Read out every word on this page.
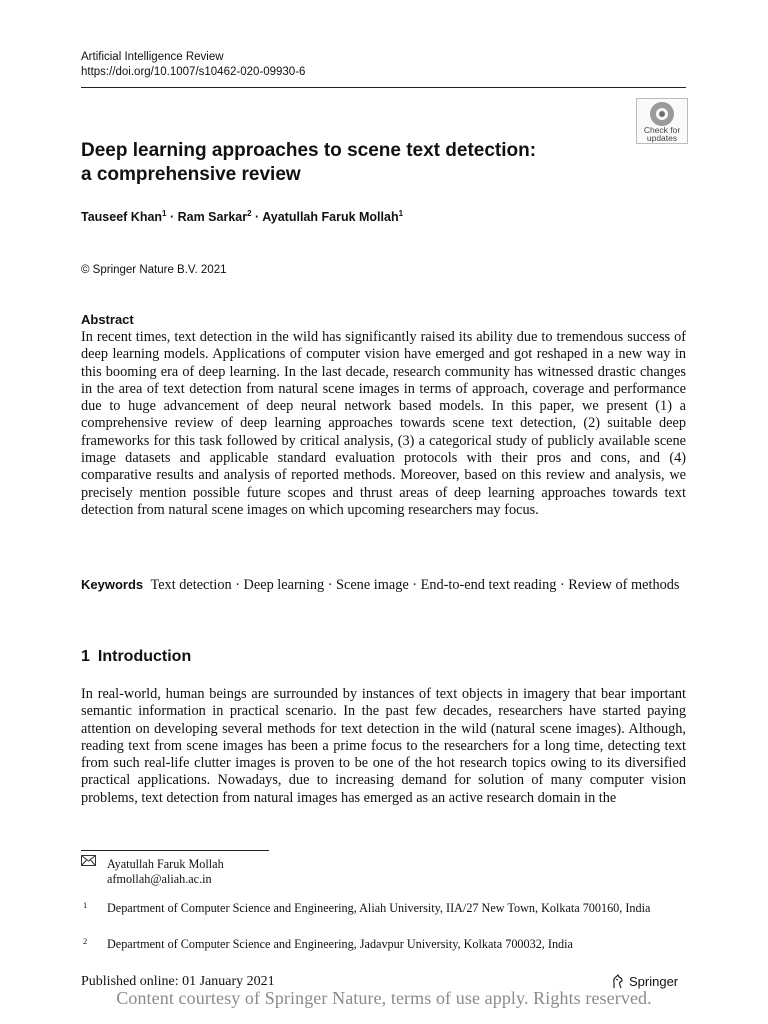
Artificial Intelligence Review
https://doi.org/10.1007/s10462-020-09930-6
Check for
updates
Deep learning approaches to scene text detection:
a comprehensive review
Tauseef Khan$^1$ · Ram Sarkar$^2$ · Ayatullah Faruk Mollah$^1$
© Springer Nature B.V. 2021
Abstract
In recent times, text detection in the wild has significantly raised its ability due to tremendous success of deep learning models. Applications of computer vision have emerged and got reshaped in a new way in this booming era of deep learning. In the last decade, research community has witnessed drastic changes in the area of text detection from natural scene images in terms of approach, coverage and performance due to huge advancement of deep neural network based models. In this paper, we present (1) a comprehensive review of deep learning approaches towards scene text detection, (2) suitable deep frameworks for this task followed by critical analysis, (3) a categorical study of publicly available scene image datasets and applicable standard evaluation protocols with their pros and cons, and (4) comparative results and analysis of reported methods. Moreover, based on this review and analysis, we precisely mention possible future scopes and thrust areas of deep learning approaches towards text detection from natural scene images on which upcoming researchers may focus.
Keywords Text detection · Deep learning · Scene image · End-to-end text reading · Review of methods
1 Introduction
In real-world, human beings are surrounded by instances of text objects in imagery that bear important semantic information in practical scenario. In the past few decades, researchers have started paying attention on developing several methods for text detection in the wild (natural scene images). Although, reading text from scene images has been a prime focus to the researchers for a long time, detecting text from such real-life clutter images is proven to be one of the hot research topics owing to its diversified practical applications. Nowadays, due to increasing demand for solution of many computer vision problems, text detection from natural images has emerged as an active research domain in the
Ayatullah Faruk Mollah
afmollah@aliah.ac.in
1 Department of Computer Science and Engineering, Aliah University, IIA/27 New Town, Kolkata 700160, India
2 Department of Computer Science and Engineering, Jadavpur University, Kolkata 700032, India
Published online: 01 January 2021	Springer
Content courtesy of Springer Nature, terms of use apply. Rights reserved.
